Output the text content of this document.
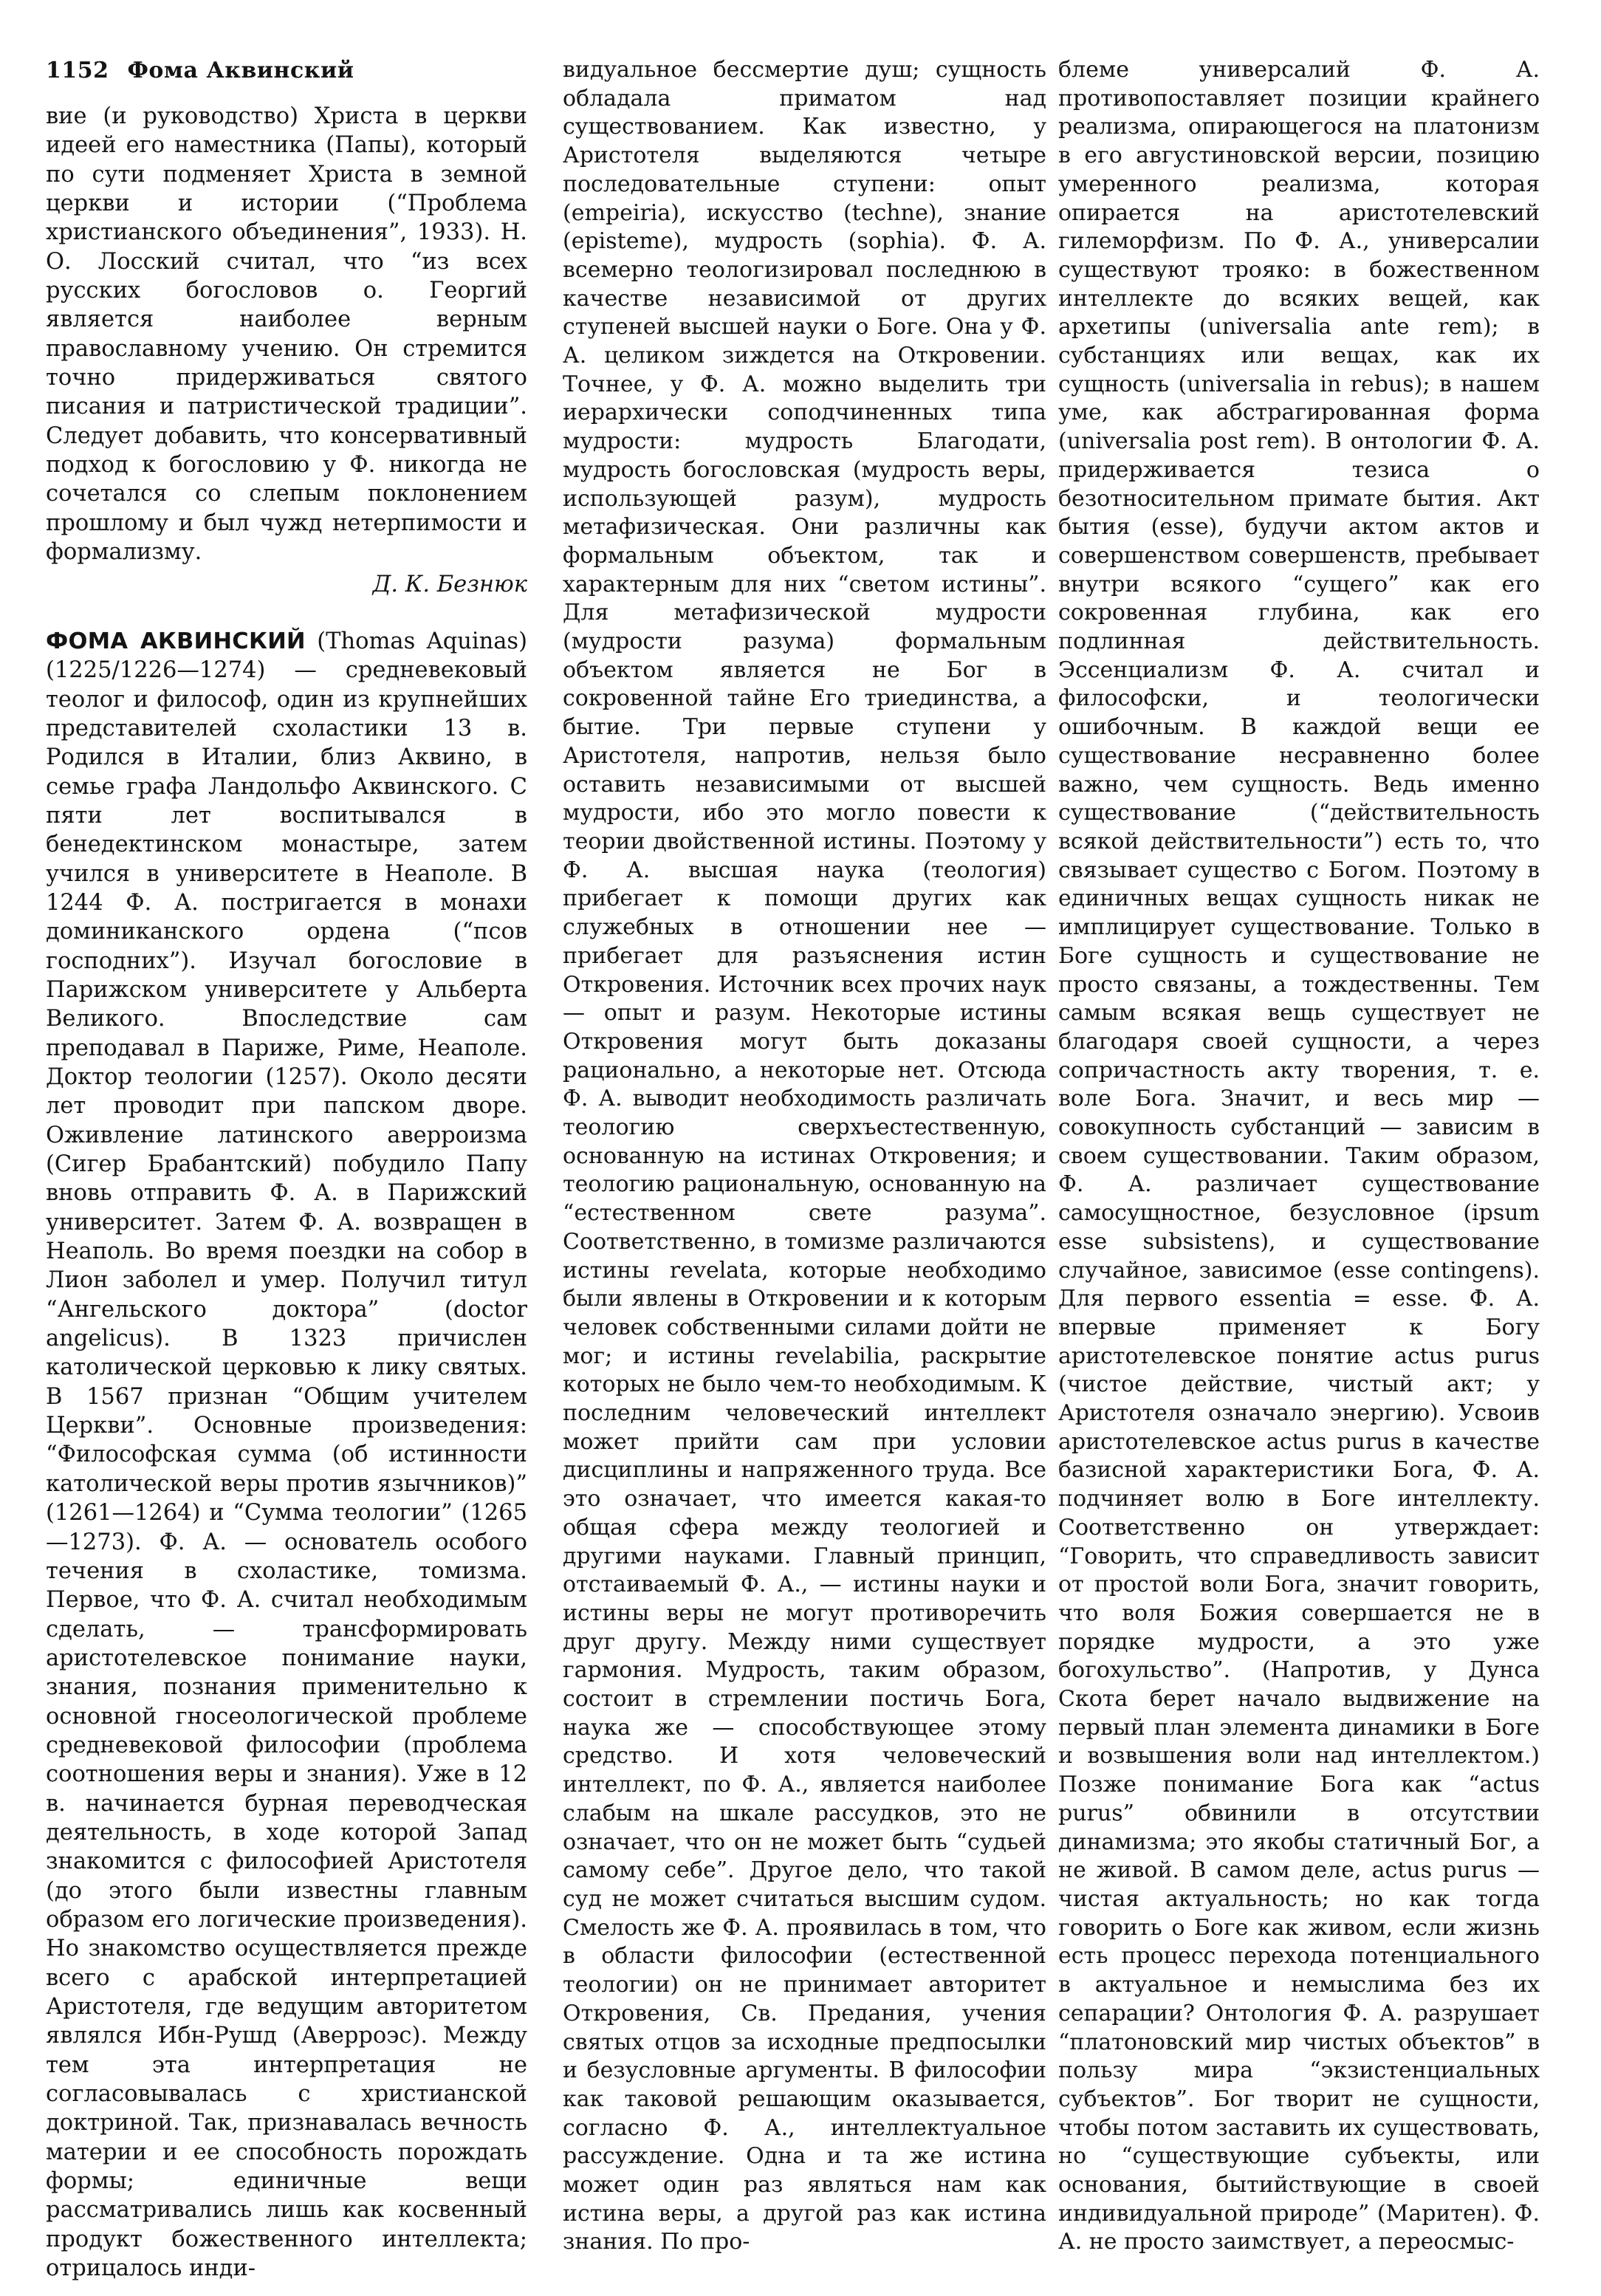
1152 Фома Аквинский

вие (и руководство) Христа в церкви идеей его наместника (Папы), который по сути подменяет Христа в земной церкви и истории (“Проблема христианского объединения”, 1933). Н. О. Лосский считал, что “из всех русских богословов о. Георгий является наиболее верным православному учению. Он стремится точно придерживаться святого писания и патристической традиции”. Следует добавить, что консервативный подход к богословию у Ф. никогда не сочетался со слепым поклонением прошлому и был чужд нетерпимости и формализму.

Д. К. Безнюк

ФОМА АКВИНСКИЙ (Thomas Aquinas) (1225/1226—1274) — средневековый теолог и философ, один из крупнейших представителей схоластики 13 в. Родился в Италии, близ Аквино, в семье графа Ландольфо Аквинского. С пяти лет воспитывался в бенедектинском монастыре, затем учился в университете в Неаполе. В 1244 Ф. А. постригается в монахи доминиканского ордена (“псов господних”). Изучал богословие в Парижском университете у Альберта Великого. Впоследствие сам преподавал в Париже, Риме, Неаполе. Доктор теологии (1257). Около десяти лет проводит при папском дворе. Оживление латинского аверроизма (Сигер Брабантский) побудило Папу вновь отправить Ф. А. в Парижский университет. Затем Ф. А. возвращен в Неаполь. Во время поездки на собор в Лион заболел и умер. Получил титул “Ангельского доктора” (doctor angelicus). В 1323 причислен католической церковью к лику святых. В 1567 признан “Общим учителем Церкви”. Основные произведения: “Философская сумма (об истинности католической веры против язычников)” (1261—1264) и “Сумма теологии” (1265—1273). Ф. А. — основатель особого течения в схоластике, томизма. Первое, что Ф. А. считал необходимым сделать, — трансформировать аристотелевское понимание науки, знания, познания применительно к основной гносеологической проблеме средневековой философии (проблема соотношения веры и знания). Уже в 12 в. начинается бурная переводческая деятельность, в ходе которой Запад знакомится с философией Аристотеля (до этого были известны главным образом его логические произведения). Но знакомство осуществляется прежде всего с арабской интерпретацией Аристотеля, где ведущим авторитетом являлся Ибн-Рушд (Аверроэс). Между тем эта интерпретация не согласовывалась с христианской доктриной. Так, признавалась вечность материи и ее способность порождать формы; единичные вещи рассматривались лишь как косвенный продукт божественного интеллекта; отрицалось инди-

видуальное бессмертие душ; сущность обладала приматом над существованием. Как известно, у Аристотеля выделяются четыре последовательные ступени: опыт (empeiria), искусство (techne), знание (episteme), мудрость (sophia). Ф. А. всемерно теологизировал последнюю в качестве независимой от других ступеней высшей науки о Боге. Она у Ф. А. целиком зиждется на Откровении. Точнее, у Ф. А. можно выделить три иерархически соподчиненных типа мудрости: мудрость Благодати, мудрость богословская (мудрость веры, использующей разум), мудрость метафизическая. Они различны как формальным объектом, так и характерным для них “светом истины”. Для метафизической мудрости (мудрости разума) формальным объектом является не Бог в сокровенной тайне Его триединства, а бытие. Три первые ступени у Аристотеля, напротив, нельзя было оставить независимыми от высшей мудрости, ибо это могло повести к теории двойственной истины. Поэтому у Ф. А. высшая наука (теология) прибегает к помощи других как служебных в отношении нее — прибегает для разъяснения истин Откровения. Источник всех прочих наук — опыт и разум. Некоторые истины Откровения могут быть доказаны рационально, а некоторые нет. Отсюда Ф. А. выводит необходимость различать теологию сверхъестественную, основанную на истинах Откровения; и теологию рациональную, основанную на “естественном свете разума”. Соответственно, в томизме различаются истины revelata, которые необходимо были явлены в Откровении и к которым человек собственными силами дойти не мог; и истины revelabilia, раскрытие которых не было чем-то необходимым. К последним человеческий интеллект может прийти сам при условии дисциплины и напряженного труда. Все это означает, что имеется какая-то общая сфера между теологией и другими науками. Главный принцип, отстаиваемый Ф. А., — истины науки и истины веры не могут противоречить друг другу. Между ними существует гармония. Мудрость, таким образом, состоит в стремлении постичь Бога, наука же — способствующее этому средство. И хотя человеческий интеллект, по Ф. А., является наиболее слабым на шкале рассудков, это не означает, что он не может быть “судьей самому себе”. Другое дело, что такой суд не может считаться высшим судом. Смелость же Ф. А. проявилась в том, что в области философии (естественной теологии) он не принимает авторитет Откровения, Св. Предания, учения святых отцов за исходные предпосылки и безусловные аргументы. В философии как таковой решающим оказывается, согласно Ф. А., интеллектуальное рассуждение. Одна и та же истина может один раз являться нам как истина веры, а другой раз как истина знания. По про-

блеме универсалий Ф. А. противопоставляет позиции крайнего реализма, опирающегося на платонизм в его августиновской версии, позицию умеренного реализма, которая опирается на аристотелевский гилеморфизм. По Ф. А., универсалии существуют трояко: в божественном интеллекте до всяких вещей, как архетипы (universalia ante rem); в субстанциях или вещах, как их сущность (universalia in rebus); в нашем уме, как абстрагированная форма (universalia post rem). В онтологии Ф. А. придерживается тезиса о безотносительном примате бытия. Акт бытия (esse), будучи актом актов и совершенством совершенств, пребывает внутри всякого “сущего” как его сокровенная глубина, как его подлинная действительность. Эссенциализм Ф. А. считал и философски, и теологически ошибочным. В каждой вещи ее существование несравненно более важно, чем сущность. Ведь именно существование (“действительность всякой действительности”) есть то, что связывает существо с Богом. Поэтому в единичных вещах сущность никак не имплицирует существование. Только в Боге сущность и существование не просто связаны, а тождественны. Тем самым всякая вещь существует не благодаря своей сущности, а через сопричастность акту творения, т. е. воле Бога. Значит, и весь мир — совокупность субстанций — зависим в своем существовании. Таким образом, Ф. А. различает существование самосущностное, безусловное (ipsum esse subsistens), и существование случайное, зависимое (esse contingens). Для первого essentia = esse. Ф. А. впервые применяет к Богу аристотелевское понятие actus purus (чистое действие, чистый акт; у Аристотеля означало энергию). Усвоив аристотелевское actus purus в качестве базисной характеристики Бога, Ф. А. подчиняет волю в Боге интеллекту. Соответственно он утверждает: “Говорить, что справедливость зависит от простой воли Бога, значит говорить, что воля Божия совершается не в порядке мудрости, а это уже богохульство”. (Напротив, у Дунса Скота берет начало выдвижение на первый план элемента динамики в Боге и возвышения воли над интеллектом.) Позже понимание Бога как “actus purus” обвинили в отсутствии динамизма; это якобы статичный Бог, а не живой. В самом деле, actus purus — чистая актуальность; но как тогда говорить о Боге как живом, если жизнь есть процесс перехода потенциального в актуальное и немыслима без их сепарации? Онтология Ф. А. разрушает “платоновский мир чистых объектов” в пользу мира “экзистенциальных субъектов”. Бог творит не сущности, чтобы потом заставить их существовать, но “существующие субъекты, или основания, бытийствующие в своей индивидуальной природе” (Маритен). Ф. А. не просто заимствует, а переосмыс-
